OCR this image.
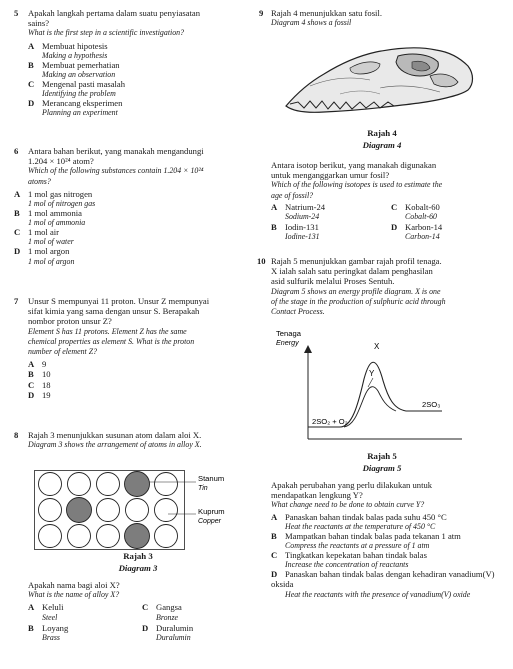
5 Apakah langkah pertama dalam suatu penyiasatan
sains?
What is the first step in a scientific investigation?
A Membuat hipotesis
Making a hypothesis
B Membuat pemerhatian
Making an observation
C Mengenal pasti masalah
Identifying the problem
D Merancang eksperimen
Planning an experiment
6 Antara bahan berikut, yang manakah mengandungi
1.204 × 10²⁴ atom?
Which of the following substances contain 1.204 × 10²⁴
atoms?
A 1 mol gas nitrogen
1 mol of nitrogen gas
B 1 mol ammonia
1 mol of ammonia
C 1 mol air
1 mol of water
D 1 mol argon
1 mol of argon
7 Unsur S mempunyai 11 proton. Unsur Z mempunyai
sifat kimia yang sama dengan unsur S. Berapakah
nombor proton unsur Z?
Element S has 11 protons. Element Z has the same
chemical properties as element S. What is the proton
number of element Z?
A 9
B 10
C 18
D 19
8 Rajah 3 menunjukkan susunan atom dalam aloi X.
Diagram 3 shows the arrangement of atoms in alloy X.
Stanum
Tin
Kuprum
Copper
Rajah 3
Diagram 3
Apakah nama bagi aloi X?
What is the name of alloy X?
A Keluli
Steel
C Gangsa
Bronze
B Loyang
Brass
D Duralumin
Duralumin
9 Rajah 4 menunjukkan satu fosil.
Diagram 4 shows a fossil
Rajah 4
Diagram 4
Antara isotop berikut, yang manakah digunakan
untuk menganggarkan umur fosil?
Which of the following isotopes is used to estimate the
age of fossil?
A Natrium-24
Sodium-24
C Kobalt-60
Cobalt-60
B Iodin-131
Iodine-131
D Karbon-14
Carbon-14
10 Rajah 5 menunjukkan gambar rajah profil tenaga.
X ialah salah satu peringkat dalam penghasilan
asid sulfurik melalui Proses Sentuh.
Diagram 5 shows an energy profile diagram. X is one
of the stage in the production of sulphuric acid through
Contact Process.
Tenaga
Energy	X
Y
2SO₂ + O₂
2SO₃
Rajah 5
Diagram 5
Apakah perubahan yang perlu dilakukan untuk
mendapatkan lengkung Y?
What change need to be done to obtain curve Y?
A Panaskan bahan tindak balas pada suhu 450 °C
Heat the reactants at the temperature of 450 °C
B Mampatkan bahan tindak balas pada tekanan 1 atm
Compress the reactants at a pressure of 1 atm
C Tingkatkan kepekatan bahan tindak balas
Increase the concentration of reactants
D Panaskan bahan tindak balas dengan kehadiran vanadium(V) oksida
Heat the reactants with the presence of vanadium(V) oxide
